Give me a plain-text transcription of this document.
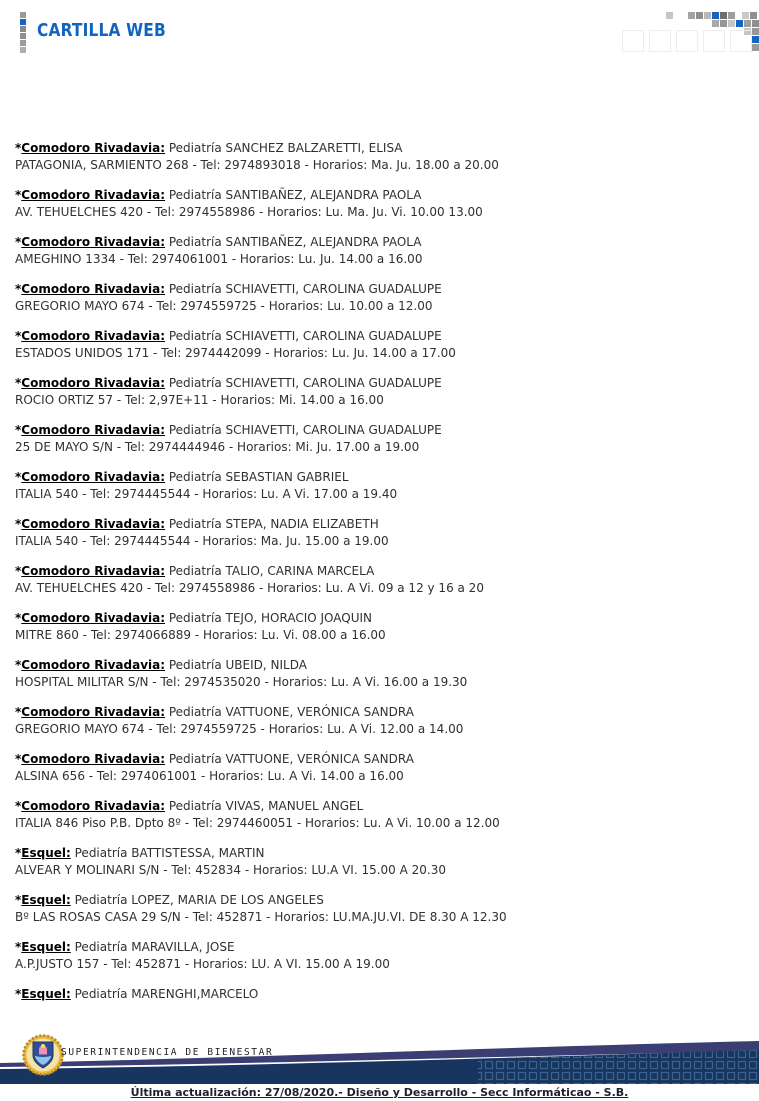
CARTILLA WEB
*Comodoro Rivadavia: Pediatría SANCHEZ BALZARETTI, ELISA
PATAGONIA, SARMIENTO 268 - Tel: 2974893018 - Horarios: Ma. Ju. 18.00 a 20.00
*Comodoro Rivadavia: Pediatría SANTIBAÑEZ, ALEJANDRA PAOLA
AV. TEHUELCHES 420 - Tel: 2974558986 - Horarios: Lu. Ma. Ju. Vi. 10.00 13.00
*Comodoro Rivadavia: Pediatría SANTIBAÑEZ, ALEJANDRA PAOLA
AMEGHINO 1334 - Tel: 2974061001 - Horarios: Lu. Ju. 14.00 a 16.00
*Comodoro Rivadavia: Pediatría SCHIAVETTI, CAROLINA GUADALUPE
GREGORIO MAYO 674 - Tel: 2974559725 - Horarios: Lu. 10.00 a 12.00
*Comodoro Rivadavia: Pediatría SCHIAVETTI, CAROLINA GUADALUPE
ESTADOS UNIDOS 171 - Tel: 2974442099 - Horarios: Lu. Ju. 14.00 a 17.00
*Comodoro Rivadavia: Pediatría SCHIAVETTI, CAROLINA GUADALUPE
ROCIO ORTIZ 57 - Tel: 2,97E+11 - Horarios: Mi. 14.00 a 16.00
*Comodoro Rivadavia: Pediatría SCHIAVETTI, CAROLINA GUADALUPE
25 DE MAYO S/N - Tel: 2974444946 - Horarios: Mi. Ju. 17.00 a 19.00
*Comodoro Rivadavia: Pediatría SEBASTIAN GABRIEL
ITALIA 540 - Tel: 2974445544 - Horarios: Lu. A Vi. 17.00 a 19.40
*Comodoro Rivadavia: Pediatría STEPA, NADIA ELIZABETH
ITALIA 540 - Tel: 2974445544 - Horarios: Ma. Ju. 15.00 a 19.00
*Comodoro Rivadavia: Pediatría TALIO, CARINA MARCELA
AV. TEHUELCHES 420 - Tel: 2974558986 - Horarios: Lu. A Vi. 09 a 12 y 16 a 20
*Comodoro Rivadavia: Pediatría TEJO, HORACIO JOAQUIN
MITRE 860 - Tel: 2974066889 - Horarios: Lu. Vi. 08.00 a 16.00
*Comodoro Rivadavia: Pediatría UBEID, NILDA
HOSPITAL MILITAR S/N - Tel: 2974535020 - Horarios: Lu. A Vi. 16.00 a 19.30
*Comodoro Rivadavia: Pediatría VATTUONE, VERÓNICA SANDRA
GREGORIO MAYO 674 - Tel: 2974559725 - Horarios: Lu. A Vi. 12.00 a 14.00
*Comodoro Rivadavia: Pediatría VATTUONE, VERÓNICA SANDRA
ALSINA 656 - Tel: 2974061001 - Horarios: Lu. A Vi. 14.00 a 16.00
*Comodoro Rivadavia: Pediatría VIVAS, MANUEL ANGEL
ITALIA 846 Piso P.B. Dpto 8º - Tel: 2974460051 - Horarios: Lu. A Vi. 10.00 a 12.00
*Esquel: Pediatría BATTISTESSA, MARTIN
ALVEAR Y MOLINARI S/N - Tel: 452834 - Horarios: LU.A VI. 15.00 A 20.30
*Esquel: Pediatría LOPEZ, MARIA DE LOS ANGELES
Bº LAS ROSAS CASA 29 S/N - Tel: 452871 - Horarios: LU.MA.JU.VI. DE 8.30 A 12.30
*Esquel: Pediatría MARAVILLA, JOSE
A.P.JUSTO 157 - Tel: 452871 - Horarios: LU. A VI. 15.00 A 19.00
*Esquel: Pediatría MARENGHI,MARCELO
SUPERINTENDENCIA DE BIENESTAR
Última actualización: 27/08/2020.- Diseño y Desarrollo - Secc Informáticao - S.B.
